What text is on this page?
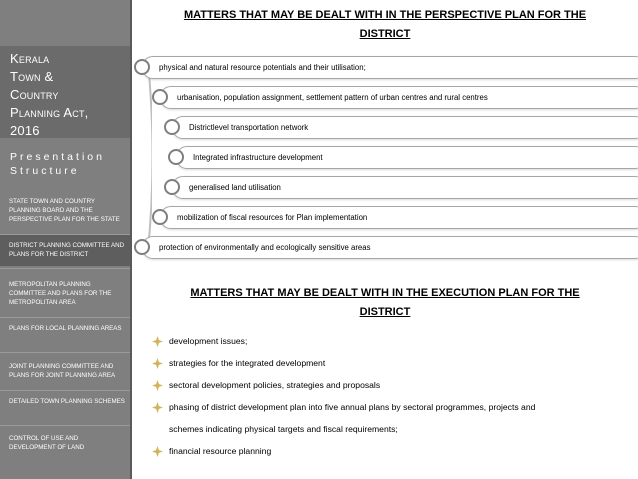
Kerala
Town &
Country
Planning Act,
2016
Presentation
Structure
STATE TOWN AND COUNTRY PLANNING BOARD AND THE PERSPECTIVE PLAN FOR THE STATE
DISTRICT PLANNING COMMITTEE AND PLANS FOR THE DISTRICT
METROPOLITAN PLANNING COMMITTEE AND PLANS FOR THE METROPOLITAN AREA
PLANS FOR LOCAL PLANNING AREAS
JOINT PLANNING COMMITTEE AND PLANS FOR JOINT PLANNING AREA
DETAILED TOWN PLANNING SCHEMES
CONTROL OF USE AND DEVELOPMENT OF LAND
MATTERS THAT MAY BE DEALT WITH IN THE PERSPECTIVE PLAN FOR THE
DISTRICT
physical and natural resource potentials and their utilisation;
urbanisation, population assignment, settlement pattern of urban centres and rural centres
Districtlevel transportation network
Integrated infrastructure development
generalised land utilisation
mobilization of fiscal resources for Plan implementation
protection of environmentally and ecologically sensitive areas
MATTERS THAT MAY BE DEALT WITH IN THE EXECUTION PLAN FOR THE
DISTRICT
development issues;
strategies for the integrated development
sectoral development policies, strategies and proposals
phasing of district development plan into five annual plans by sectoral programmes, projects and
schemes indicating physical targets and fiscal requirements;
financial resource planning
